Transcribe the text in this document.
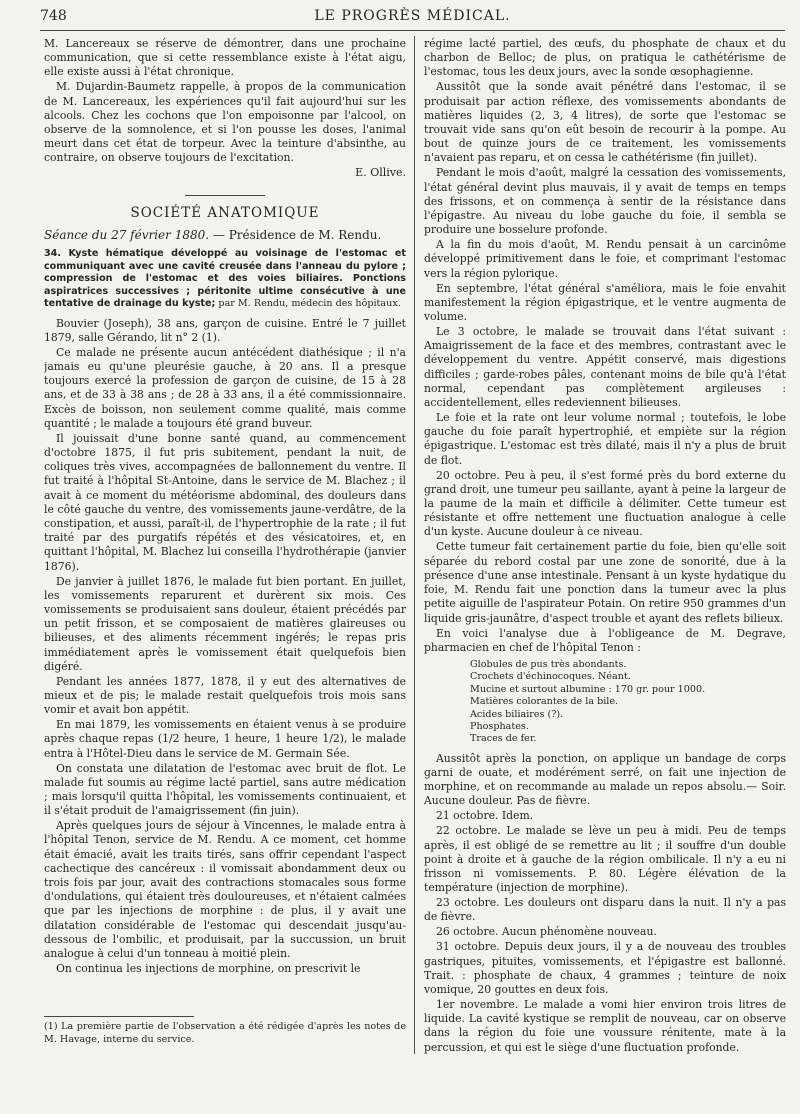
748	LE PROGRÈS MÉDICAL.

M. Lancereaux se réserve de démontrer, dans une prochaine communication, que si cette ressemblance existe à l'état aigu, elle existe aussi à l'état chronique.

M. Dujardin-Baumetz rappelle, à propos de la communication de M. Lancereaux, les expériences qu'il fait aujourd'hui sur les alcools. Chez les cochons que l'on empoisonne par l'alcool, on observe de la somnolence, et si l'on pousse les doses, l'animal meurt dans cet état de torpeur. Avec la teinture d'absinthe, au contraire, on observe toujours de l'excitation.

E. Ollive.
SOCIÉTÉ ANATOMIQUE

Séance du 27 février 1880. — Présidence de M. Rendu.

34. Kyste hématique développé au voisinage de l'estomac et communiquant avec une cavité creusée dans l'anneau du pylore ; compression de l'estomac et des voies biliaires. Ponctions aspiratrices successives ; péritonite ultime consécutive à une tentative de drainage du kyste; par M. Rendu, médecin des hôpitaux.

Bouvier (Joseph), 38 ans, garçon de cuisine. Entré le 7 juillet 1879, salle Gérando, lit n° 2 (1).

Ce malade ne présente aucun antécédent diathésique ; il n'a jamais eu qu'une pleurésie gauche, à 20 ans. Il a presque toujours exercé la profession de garçon de cuisine, de 15 à 28 ans, et de 33 à 38 ans ; de 28 à 33 ans, il a été commissionnaire. Excès de boisson, non seulement comme qualité, mais comme quantité ; le malade a toujours été grand buveur.

Il jouissait d'une bonne santé quand, au commencement d'octobre 1875, il fut pris subitement, pendant la nuit, de coliques très vives, accompagnées de ballonnement du ventre. Il fut traité à l'hôpital St-Antoine, dans le service de M. Blachez ; il avait à ce moment du météorisme abdominal, des douleurs dans le côté gauche du ventre, des vomissements jaune-verdâtre, de la constipation, et aussi, paraît-il, de l'hypertrophie de la rate ; il fut traité par des purgatifs répétés et des vésicatoires, et, en quittant l'hôpital, M. Blachez lui conseilla l'hydrothérapie (janvier 1876).

De janvier à juillet 1876, le malade fut bien portant. En juillet, les vomissements reparurent et durèrent six mois. Ces vomissements se produisaient sans douleur, étaient précédés par un petit frisson, et se composaient de matières glaireuses ou bilieuses, et des aliments récemment ingérés; le repas pris immédiatement après le vomissement était quelquefois bien digéré.

Pendant les années 1877, 1878, il y eut des alternatives de mieux et de pis; le malade restait quelquefois trois mois sans vomir et avait bon appétit.

En mai 1879, les vomissements en étaient venus à se produire après chaque repas (1/2 heure, 1 heure, 1 heure 1/2), le malade entra à l'Hôtel-Dieu dans le service de M. Germain Sée.

On constata une dilatation de l'estomac avec bruit de flot. Le malade fut soumis au régime lacté partiel, sans autre médication ; mais lorsqu'il quitta l'hôpital, les vomissements continuaient, et il s'était produit de l'amaigrissement (fin juin).

Après quelques jours de séjour à Vincennes, le malade entra à l'hôpital Tenon, service de M. Rendu. A ce moment, cet homme était émacié, avait les traits tirés, sans offrir cependant l'aspect cachectique des cancéreux : il vomissait abondamment deux ou trois fois par jour, avait des contractions stomacales sous forme d'ondulations, qui étaient très douloureuses, et n'étaient calmées que par les injections de morphine : de plus, il y avait une dilatation considérable de l'estomac qui descendait jusqu'au-dessous de l'ombilic, et produisait, par la succussion, un bruit analogue à celui d'un tonneau à moitié plein.

On continua les injections de morphine, on prescrivit le

régime lacté partiel, des œufs, du phosphate de chaux et du charbon de Belloc; de plus, on pratiqua le cathétérisme de l'estomac, tous les deux jours, avec la sonde œsophagienne.

Aussitôt que la sonde avait pénétré dans l'estomac, il se produisait par action réflexe, des vomissements abondants de matières liquides (2, 3, 4 litres), de sorte que l'estomac se trouvait vide sans qu'on eût besoin de recourir à la pompe. Au bout de quinze jours de ce traitement, les vomissements n'avaient pas reparu, et on cessa le cathétérisme (fin juillet).

Pendant le mois d'août, malgré la cessation des vomissements, l'état général devint plus mauvais, il y avait de temps en temps des frissons, et on commença à sentir de la résistance dans l'épigastre. Au niveau du lobe gauche du foie, il sembla se produire une bosselure profonde.

A la fin du mois d'août, M. Rendu pensait à un carcinôme développé primitivement dans le foie, et comprimant l'estomac vers la région pylorique.

En septembre, l'état général s'améliora, mais le foie envahit manifestement la région épigastrique, et le ventre augmenta de volume.

Le 3 octobre, le malade se trouvait dans l'état suivant : Amaigrissement de la face et des membres, contrastant avec le développement du ventre. Appétit conservé, mais digestions difficiles ; garde-robes pâles, contenant moins de bile qu'à l'état normal, cependant pas complètement argileuses : accidentellement, elles redeviennent bilieuses.

Le foie et la rate ont leur volume normal ; toutefois, le lobe gauche du foie paraît hypertrophié, et empiète sur la région épigastrique. L'estomac est très dilaté, mais il n'y a plus de bruit de flot.

20 octobre. Peu à peu, il s'est formé près du bord externe du grand droit, une tumeur peu saillante, ayant à peine la largeur de la paume de la main et difficile à délimiter. Cette tumeur est résistante et offre nettement une fluctuation analogue à celle d'un kyste. Aucune douleur à ce niveau.

Cette tumeur fait certainement partie du foie, bien qu'elle soit séparée du rebord costal par une zone de sonorité, due à la présence d'une anse intestinale. Pensant à un kyste hydatique du foie, M. Rendu fait une ponction dans la tumeur avec la plus petite aiguille de l'aspirateur Potain. On retire 950 grammes d'un liquide gris-jaunâtre, d'aspect trouble et ayant des reflets bilieux.

En voici l'analyse due à l'obligeance de M. Degrave, pharmacien en chef de l'hôpital Tenon :

Globules de pus très abondants.
Crochets d'échinocoques. Néant.
Mucine et surtout albumine : 170 gr. pour 1000.
Matières colorantes de la bile.
Acides biliaires (?).
Phosphates.
Traces de fer.

Aussitôt après la ponction, on applique un bandage de corps garni de ouate, et modérément serré, on fait une injection de morphine, et on recommande au malade un repos absolu.— Soir. Aucune douleur. Pas de fièvre.

21 octobre. Idem.

22 octobre. Le malade se lève un peu à midi. Peu de temps après, il est obligé de se remettre au lit ; il souffre d'un double point à droite et à gauche de la région ombilicale. Il n'y a eu ni frisson ni vomissements. P. 80. Légère élévation de la température (injection de morphine).

23 octobre. Les douleurs ont disparu dans la nuit. Il n'y a pas de fièvre.

26 octobre. Aucun phénomène nouveau.

31 octobre. Depuis deux jours, il y a de nouveau des troubles gastriques, pituites, vomissements, et l'épigastre est ballonné. Trait. : phosphate de chaux, 4 grammes ; teinture de noix vomique, 20 gouttes en deux fois.

1er novembre. Le malade a vomi hier environ trois litres de liquide. La cavité kystique se remplit de nouveau, car on observe dans la région du foie une voussure rénitente, mate à la percussion, et qui est le siège d'une fluctuation profonde.

(1) La première partie de l'observation a été rédigée d'après les notes de M. Havage, interne du service.
